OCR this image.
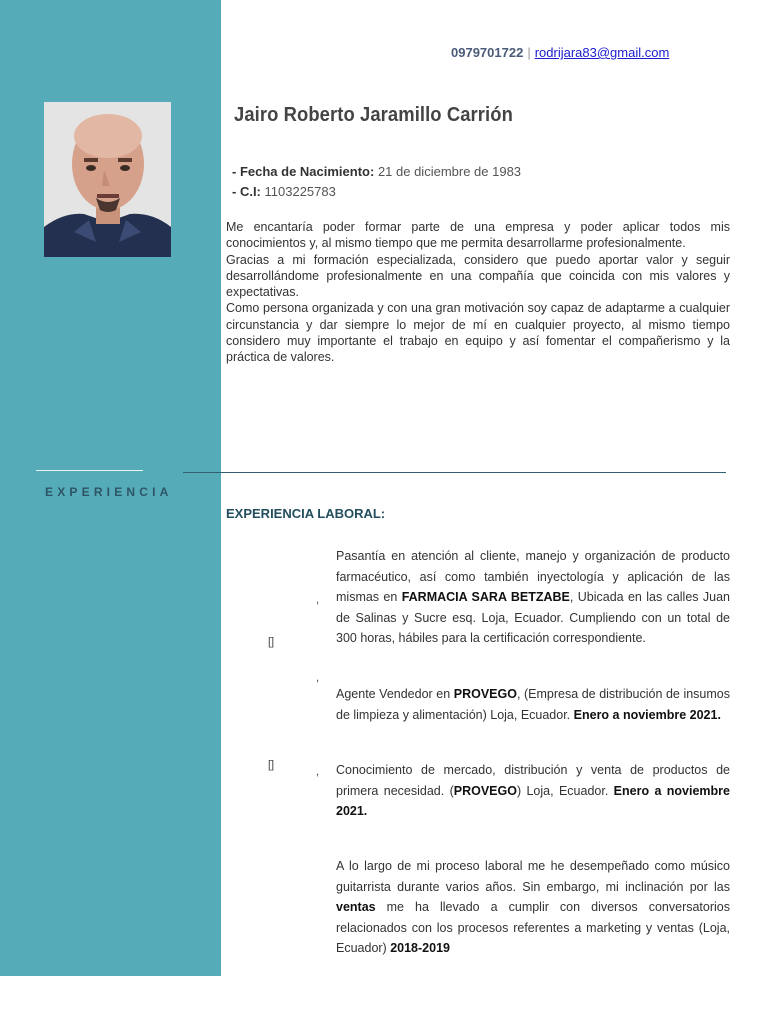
0979701722 | rodrijara83@gmail.com
Jairo Roberto Jaramillo Carrión
- Fecha de Nacimiento: 21 de diciembre de 1983
- C.I: 1103225783

Me encantaría poder formar parte de una empresa y poder aplicar todos mis conocimientos y, al mismo tiempo que me permita desarrollarme profesionalmente.

Gracias a mi formación especializada, considero que puedo aportar valor y seguir desarrollándome profesionalmente en una compañía que coincida con mis valores y expectativas.

Como persona organizada y con una gran motivación soy capaz de adaptarme a cualquier circunstancia y dar siempre lo mejor de mí en cualquier proyecto, al mismo tiempo considero muy importante el trabajo en equipo y así fomentar el compañerismo y la práctica de valores.

EXPERIENCIA
EXPERIENCIA LABORAL:
,
[]
,
[]
,
Pasantía en atención al cliente, manejo y organización de producto farmacéutico, así como también inyectología y aplicación de las mismas en FARMACIA SARA BETZABE, Ubicada en las calles Juan de Salinas y Sucre esq. Loja, Ecuador. Cumpliendo con un total de 300 horas, hábiles para la certificación correspondiente.
Agente Vendedor en PROVEGO, (Empresa de distribución de insumos de limpieza y alimentación) Loja, Ecuador. Enero a noviembre 2021.
Conocimiento de mercado, distribución y venta de productos de primera necesidad. (PROVEGO) Loja, Ecuador. Enero a noviembre 2021.
A lo largo de mi proceso laboral me he desempeñado como músico guitarrista durante varios años. Sin embargo, mi inclinación por las ventas me ha llevado a cumplir con diversos conversatorios relacionados con los procesos referentes a marketing y ventas (Loja, Ecuador) 2018-2019
